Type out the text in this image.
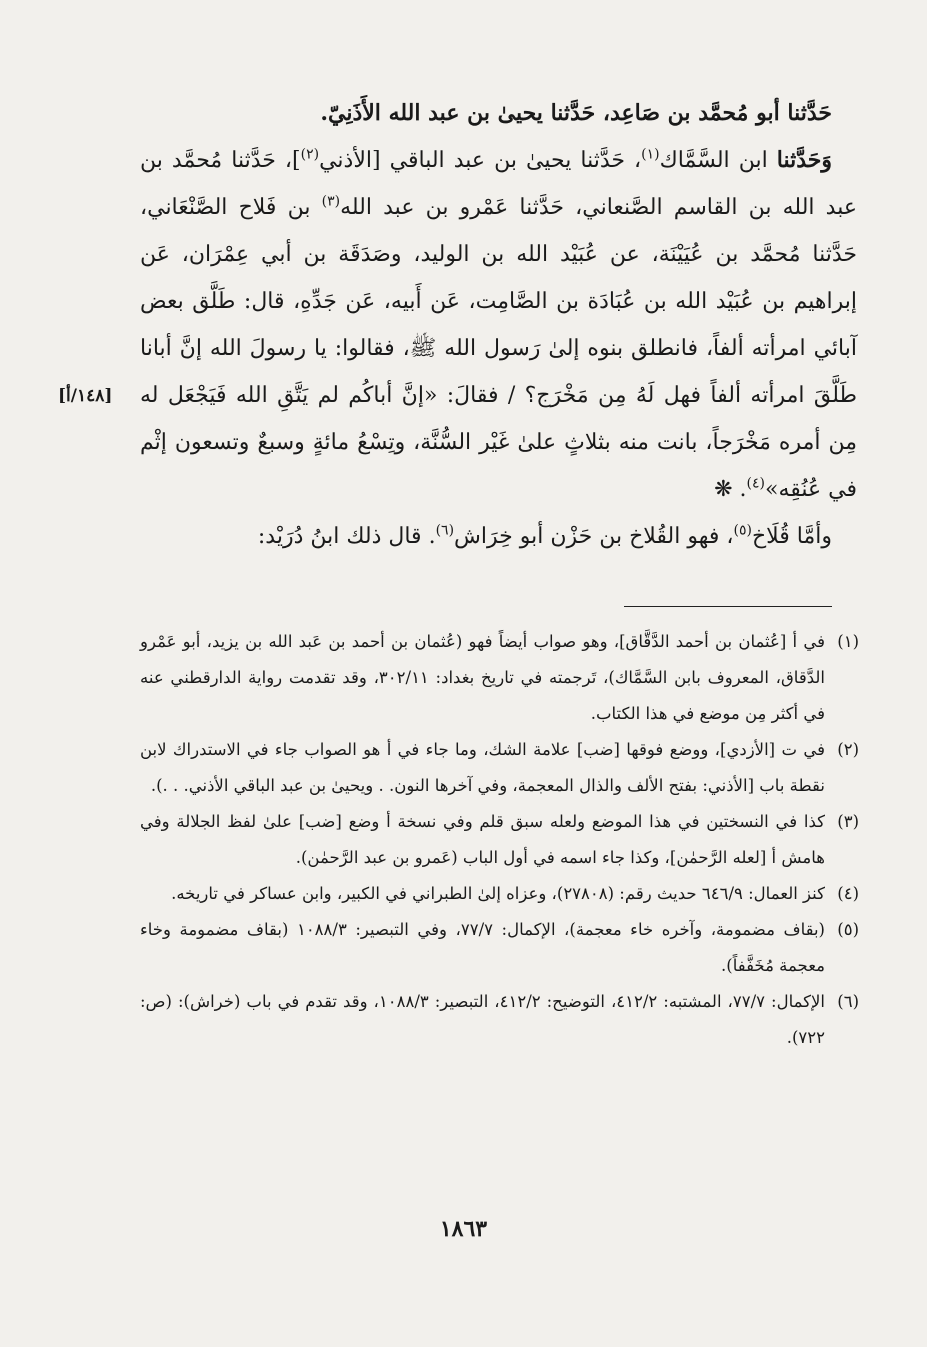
حَدَّثنا أبو مُحمَّد بن صَاعِد، حَدَّثنا يحيىٰ بن عبد الله الأَذَنِيّ.

وَحَدَّثنا ابن السَّمَّاك$^{(١)}$، حَدَّثنا يحيىٰ بن عبد الباقي [الأذني$^{(٢)}$]، حَدَّثنا مُحمَّد بن عبد الله بن القاسم الصَّنعاني، حَدَّثنا عَمْرو بن عبد الله$^{(٣)}$ بن فَلاح الصَّنْعَاني، حَدَّثنا مُحمَّد بن عُيَيْنَة، عن عُبَيْد الله بن الوليد، وصَدَقَة بن أبي عِمْرَان، عَن إبراهيم بن عُبَيْد الله بن عُبَادَة بن الصَّامِت، عَن أَبيه، عَن جَدِّهِ، قال: طَلَّق بعض آبائي امرأته ألفاً، فانطلق بنوه إلىٰ رَسول الله ﷺ، فقالوا: يا رسولَ الله إنَّ أبانا طَلَّقَ امرأته ألفاً فهل لَهُ مِن مَخْرَج؟ / فقالَ: «إنَّ أباكُم لم يَتَّقِ الله فَيَجْعَل له مِن أمره مَخْرَجاً، بانت منه بثلاثٍ علىٰ غَيْر السُّنَّة، وتِسْعُ مائةٍ وسبعٌ وتسعون إثْم في عُنُقِه»$^{(٤)}$. ❋

وأمَّا قُلَاخ$^{(٥)}$، فهو القُلاخ بن حَزْن أبو خِرَاش$^{(٦)}$. قال ذلك ابنُ دُرَيْد:

[١٤٨/أ]
(١)
في أ [عُثمان بن أحمد الدَّقَّاق]، وهو صواب أيضاً فهو (عُثمان بن أحمد بن عَبد الله بن يزيد، أبو عَمْرو الدَّقاق، المعروف بابن السَّمَّاك)، تَرجمته في تاريخ بغداد: ٣٠٢/١١، وقد تقدمت رواية الدارقطني عنه في أكثر مِن موضع في هذا الكتاب.
(٢)
في ت [الأزدي]، ووضع فوقها [ضب] علامة الشك، وما جاء في أ هو الصواب جاء في الاستدراك لابن نقطة باب [الأذني: بفتح الألف والذال المعجمة، وفي آخرها النون. . ويحيىٰ بن عبد الباقي الأذني. . .).
(٣)
كذا في النسختين في هذا الموضع ولعله سبق قلم وفي نسخة أ وضع [ضب] علىٰ لفظ الجلالة وفي هامش أ [لعله الرَّحمٰن]، وكذا جاء اسمه في أول الباب (عَمرو بن عبد الرَّحمٰن).
(٤)
كنز العمال: ٦٤٦/٩ حديث رقم: (٢٧٨٠٨)، وعزاه إلىٰ الطبراني في الكبير، وابن عساكر في تاريخه.
(٥)
(بقاف مضمومة، وآخره خاء معجمة)، الإكمال: ٧٧/٧، وفي التبصير: ١٠٨٨/٣ (بقاف مضمومة وخاء معجمة مُخَفَّفاً).
(٦)
الإكمال: ٧٧/٧، المشتبه: ٤١٢/٢، التوضيح: ٤١٢/٢، التبصير: ١٠٨٨/٣، وقد تقدم في باب (خراش): (ص: ٧٢٢).
١٨٦٣
